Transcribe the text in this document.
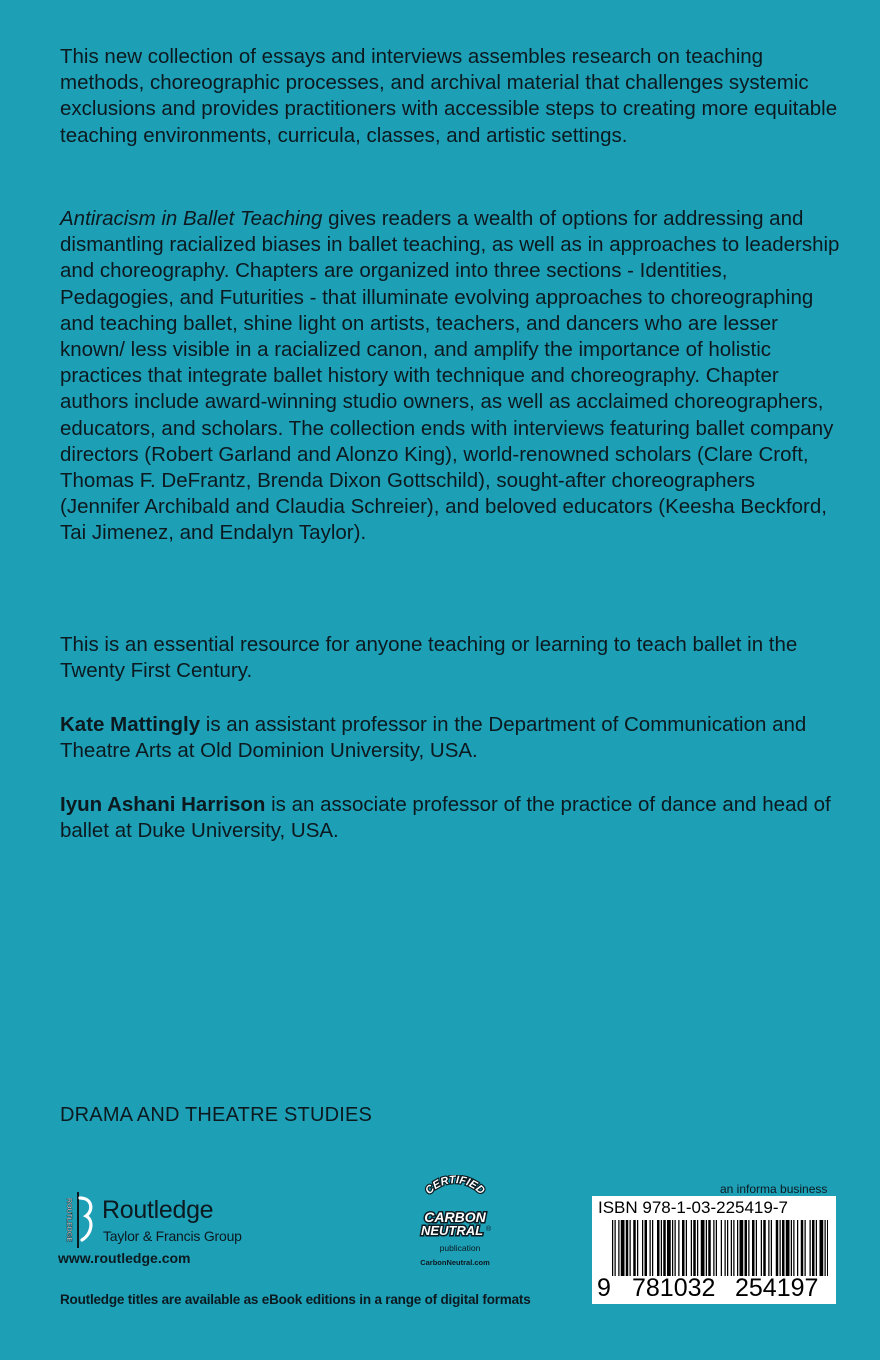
This new collection of essays and interviews assembles research on teaching methods, choreographic processes, and archival material that challenges systemic exclusions and provides practitioners with accessible steps to creating more equitable teaching environments, curricula, classes, and artistic settings.

Antiracism in Ballet Teaching gives readers a wealth of options for addressing and dismantling racialized biases in ballet teaching, as well as in approaches to leadership and choreography. Chapters are organized into three sections - Identities, Pedagogies, and Futurities - that illuminate evolving approaches to choreographing and teaching ballet, shine light on artists, teachers, and dancers who are lesser known/ less visible in a racialized canon, and amplify the importance of holistic practices that integrate ballet history with technique and choreography. Chapter authors include award-winning studio owners, as well as acclaimed choreographers, educators, and scholars. The collection ends with interviews featuring ballet company directors (Robert Garland and Alonzo King), world-renowned scholars (Clare Croft, Thomas F. DeFrantz, Brenda Dixon Gottschild), sought-after choreographers (Jennifer Archibald and Claudia Schreier), and beloved educators (Keesha Beckford, Tai Jimenez, and Endalyn Taylor).

This is an essential resource for anyone teaching or learning to teach ballet in the Twenty First Century.

Kate Mattingly is an assistant professor in the Department of Communication and Theatre Arts at Old Dominion University, USA.

Iyun Ashani Harrison is an associate professor of the practice of dance and head of ballet at Duke University, USA.

DRAMA AND THEATRE STUDIES
ROUTLEDGE Routledge
Taylor & Francis Group
www.routledge.com
CERTIFIED
CARBON
NEUTRAL ®
publication
CarbonNeutral.com
an informa business
ISBN 978-1-03-225419-7
9 781032 254197
Routledge titles are available as eBook editions in a range of digital formats
